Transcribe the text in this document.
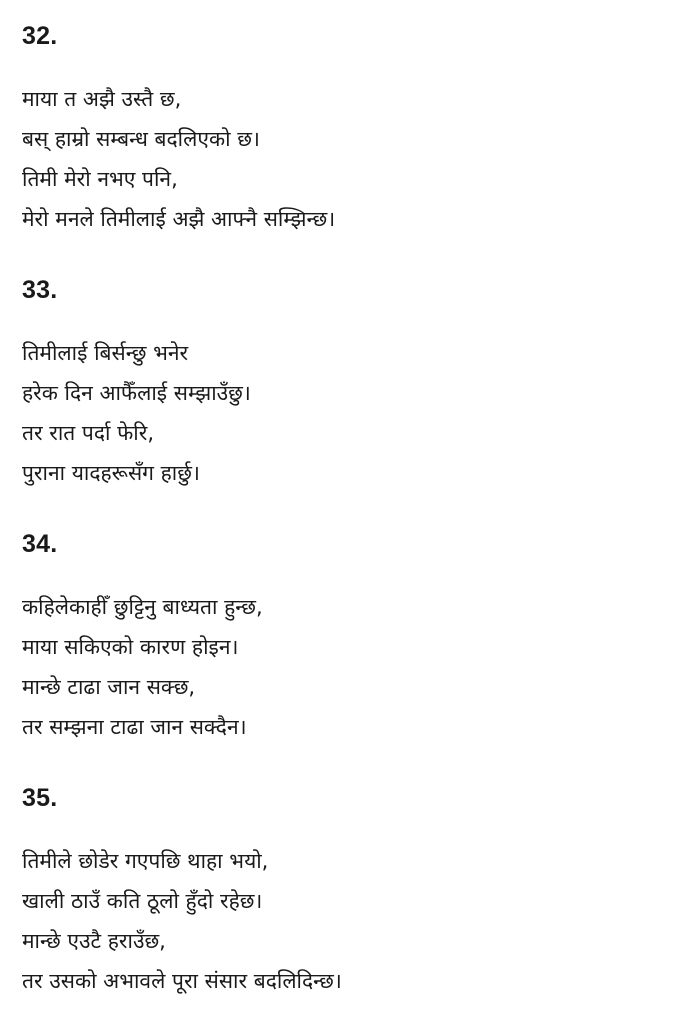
32.
माया त अझै उस्तै छ,
बस् हाम्रो सम्बन्ध बदलिएको छ।
तिमी मेरो नभए पनि,
मेरो मनले तिमीलाई अझै आफ्नै सम्झिन्छ।
33.
तिमीलाई बिर्सन्छु भनेर
हरेक दिन आफैँलाई सम्झाउँछु।
तर रात पर्दा फेरि,
पुराना यादहरूसँग हार्छु।
34.
कहिलेकाहीँ छुट्टिनु बाध्यता हुन्छ,
माया सकिएको कारण होइन।
मान्छे टाढा जान सक्छ,
तर सम्झना टाढा जान सक्दैन।
35.
तिमीले छोडेर गएपछि थाहा भयो,
खाली ठाउँ कति ठूलो हुँदो रहेछ।
मान्छे एउटै हराउँछ,
तर उसको अभावले पूरा संसार बदलिदिन्छ।
